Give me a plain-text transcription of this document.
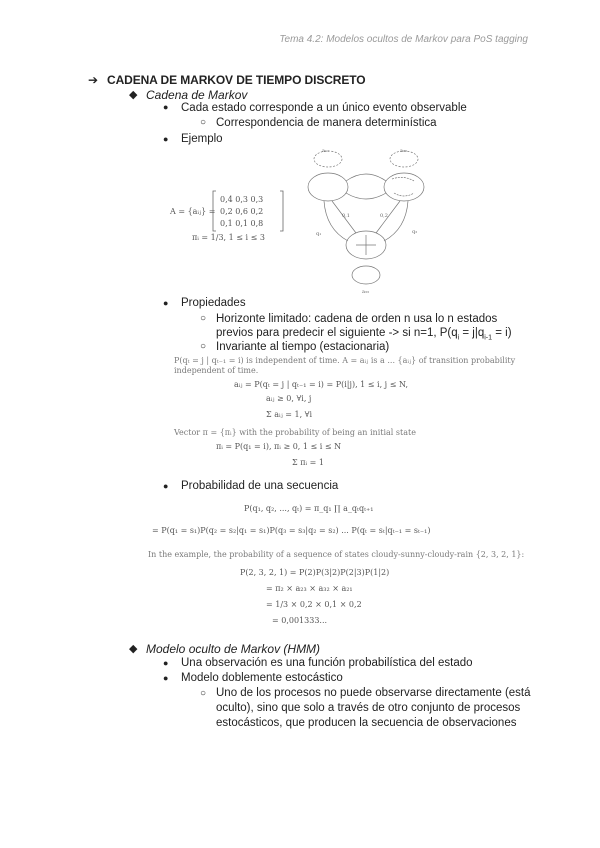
Tema 4.2: Modelos ocultos de Markov para PoS tagging
➔ CADENA DE MARKOV DE TIEMPO DISCRETO
◆ Cadena de Markov
● Cada estado corresponde a un único evento observable
○ Correspondencia de manera determinística
● Ejemplo
A = {aᵢⱼ} =
0,4 0,3 0,3
0,2 0,6 0,2
0,1 0,1 0,8
πᵢ = 1/3, 1 ≤ i ≤ 3
a₁₁	a₂₂
a₃₃
q₁
0,1	0,2
q₂
● Propiedades
○ Horizonte limitado: cadena de orden n usa lo n estados
previos para predecir el siguiente -> si n=1, $P(q_i = j|q_{i-1} = i)$
○ Invariante al tiempo (estacionaria)
P(qₜ = j | qₜ₋₁ = i) is independent of time. A = aᵢⱼ is a ... {aᵢⱼ} of transition probability
independent of time.
aᵢⱼ = P(qₜ = j | qₜ₋₁ = i) = P(i|j), 1 ≤ i, j ≤ N,
aᵢⱼ ≥ 0, ∀i, j
Σ aᵢⱼ = 1, ∀i
Vector π = {πᵢ} with the probability of being an initial state
πᵢ = P(q₁ = i), πᵢ ≥ 0, 1 ≤ i ≤ N
Σ πᵢ = 1
● Probabilidad de una secuencia
P(q₁, q₂, ..., qₜ) = π_q₁ ∏ a_qₜqₜ₊₁
= P(q₁ = s₁)P(q₂ = s₂|q₁ = s₁)P(q₃ = s₃|q₂ = s₂) ... P(qₜ = sₜ|qₜ₋₁ = sₜ₋₁)
In the example, the probability of a sequence of states cloudy-sunny-cloudy-rain {2, 3, 2, 1}:
P(2, 3, 2, 1) = P(2)P(3|2)P(2|3)P(1|2)
= π₂ × a₂₃ × a₃₂ × a₂₁
= 1/3 × 0,2 × 0,1 × 0,2
= 0,001333...
◆ Modelo oculto de Markov (HMM)
● Una observación es una función probabilística del estado
● Modelo doblemente estocástico
○ Uno de los procesos no puede observarse directamente (está
oculto), sino que solo a través de otro conjunto de procesos
estocásticos, que producen la secuencia de observaciones
